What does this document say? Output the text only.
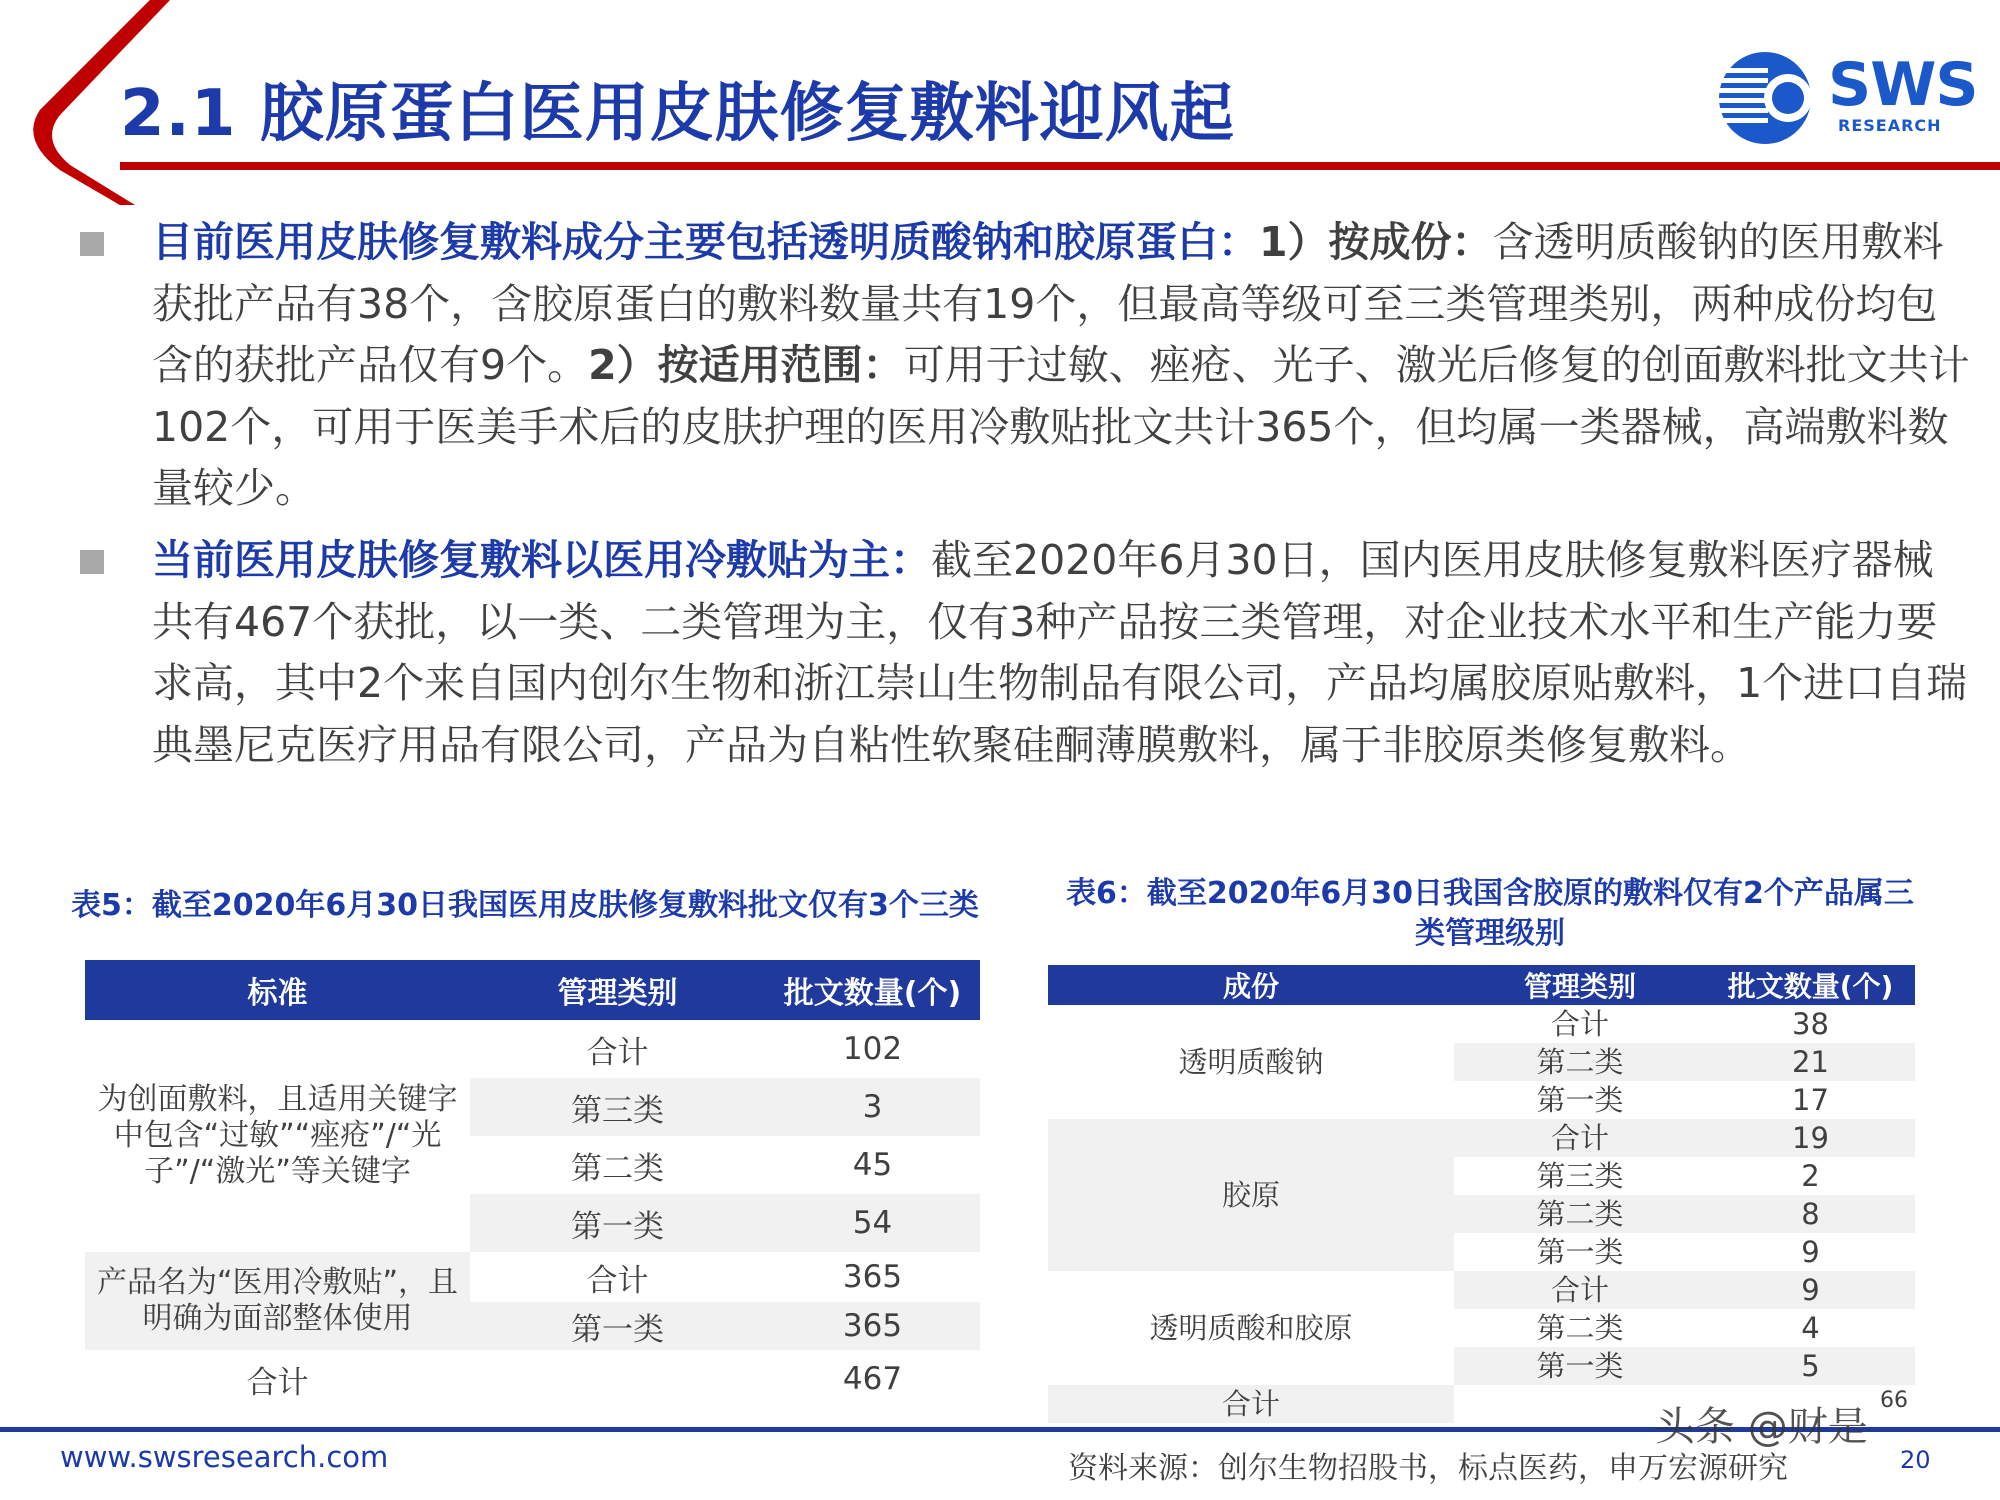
2.1 胶原蛋白医用皮肤修复敷料迎风起	SWS
RESEARCH
目前医用皮肤修复敷料成分主要包括透明质酸钠和胶原蛋白：1）按成份：含透明质酸钠的医用敷料获批产品有38个，含胶原蛋白的敷料数量共有19个，但最高等级可至三类管理类别，两种成份均包含的获批产品仅有9个。2）按适用范围：可用于过敏、痤疮、光子、激光后修复的创面敷料批文共计102个，可用于医美手术后的皮肤护理的医用冷敷贴批文共计365个，但均属一类器械，高端敷料数量较少。
当前医用皮肤修复敷料以医用冷敷贴为主：截至2020年6月30日，国内医用皮肤修复敷料医疗器械共有467个获批，以一类、二类管理为主，仅有3种产品按三类管理，对企业技术水平和生产能力要求高，其中2个来自国内创尔生物和浙江崇山生物制品有限公司，产品均属胶原贴敷料，1个进口自瑞典墨尼克医疗用品有限公司，产品为自粘性软聚硅酮薄膜敷料，属于非胶原类修复敷料。
表5：截至2020年6月30日我国医用皮肤修复敷料批文仅有3个三类
标准	管理类别	批文数量(个)
为创面敷料，且适用关键字中包含“过敏”“痤疮”/“光子”/“激光”等关键字	合计	102
	第三类	3
	第二类	45
	第一类	54
产品名为“医用冷敷贴”，且明确为面部整体使用	合计	365
	第一类	365
合计		467
表6：截至2020年6月30日我国含胶原的敷料仅有2个产品属三类管理级别
成份	管理类别	批文数量(个)
透明质酸钠	合计	38
	第二类	21
	第一类	17
胶原	合计	19
	第三类	2
	第二类	8
	第一类	9
透明质酸和胶原	合计	9
	第二类	4
	第一类	5
合计			66
www.swsresearch.com	资料来源：创尔生物招股书，标点医药，申万宏源研究
头条 @财是
20
